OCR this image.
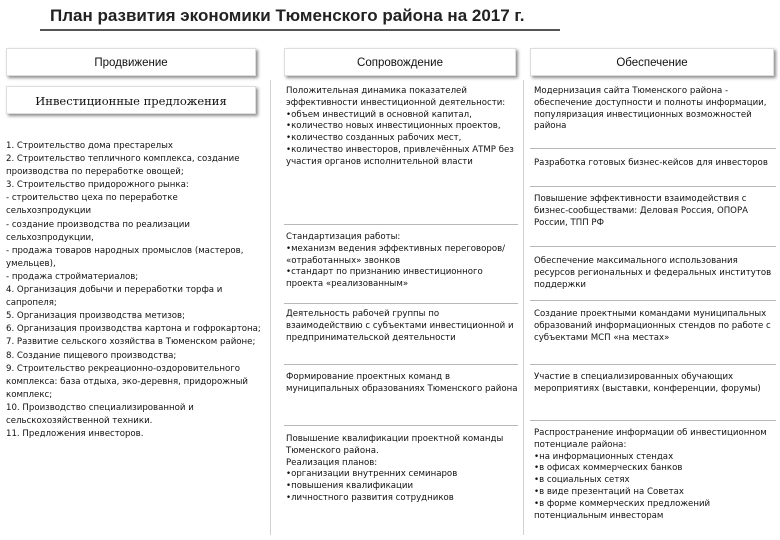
План развития экономики Тюменского района на 2017 г.
Продвижение	Сопровождение	Обеспечение
Инвестиционные предложения

1. Строительство дома престарелых

2. Строительство тепличного комплекса, создание производства по переработке овощей;

3. Строительство придорожного рынка:

- строительство цеха по переработке сельхозпродукции

- создание производства по реализации сельхозпродукции,

- продажа товаров народных промыслов (мастеров, умельцев),

- продажа стройматериалов;

4. Организация добычи и переработки торфа и сапропеля;

5. Организация производства метизов;

6. Организация производства картона и гофрокартона;

7. Развитие сельского хозяйства в Тюменском районе;

8. Создание пищевого производства;

9. Строительство рекреационно-оздоровительного комплекса: база отдыха, эко-деревня, придорожный комплекс;

10. Производство специализированной и сельскохозяйственной техники.

11. Предложения инвесторов.

Положительная динамика показателей эффективности инвестиционной деятельности:

•объем инвестиций в основной капитал,

•количество новых инвестиционных проектов,

•количество созданных рабочих мест,

•количество инвесторов, привлечённых АТМР без участия органов исполнительной власти

Стандартизация работы:

•механизм ведения эффективных переговоров/ «отработанных» звонков

•стандарт по признанию инвестиционного проекта «реализованным»

Деятельность рабочей группы по взаимодействию с субъектами инвестиционной и предпринимательской деятельности

Формирование проектных команд в муниципальных образованиях Тюменского района

Повышение квалификации проектной команды Тюменского района.

Реализация планов:

•организации внутренних семинаров

•повышения квалификации

•личностного развития сотрудников

Модернизация сайта Тюменского района - обеспечение доступности и полноты информации, популяризация инвестиционных возможностей района

Разработка готовых бизнес-кейсов для инвесторов

Повышение эффективности взаимодействия с бизнес-сообществами: Деловая Россия, ОПОРА России, ТПП РФ

Обеспечение максимального использования ресурсов региональных и федеральных институтов поддержки

Создание проектными командами муниципальных образований информационных стендов по работе с субъектами МСП «на местах»

Участие в специализированных обучающих мероприятиях (выставки, конференции, форумы)

Распространение информации об инвестиционном потенциале района:

•на информационных стендах

•в офисах коммерческих банков

•в социальных сетях

•в виде презентаций на Советах

•в форме коммерческих предложений потенциальным инвесторам
